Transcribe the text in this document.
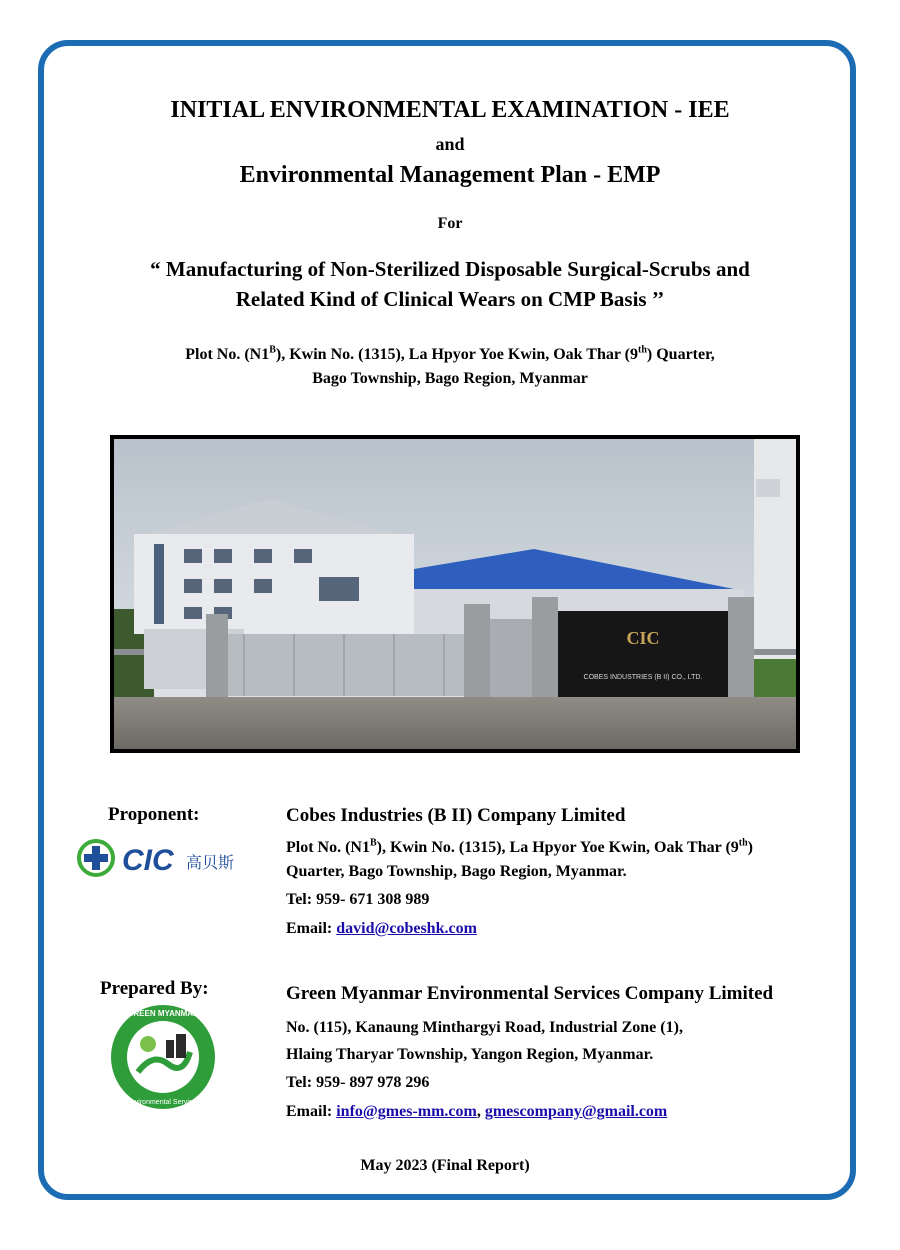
INITIAL ENVIRONMENTAL EXAMINATION - IEE
and
Environmental Management Plan - EMP
For
“ Manufacturing of Non-Sterilized Disposable Surgical-Scrubs and
Related Kind of Clinical Wears on CMP Basis ’’
Plot No. $(N1^B)$, Kwin No. (1315), La Hpyor Yoe Kwin, Oak Thar (9th) Quarter,
Bago Township, Bago Region, Myanmar
CIC
COBES INDUSTRIES (B II) CO., LTD.
Proponent:
CIC 高贝斯
Cobes Industries (B II) Company Limited
Plot No. $(N1^B)$, Kwin No. (1315), La Hpyor Yoe Kwin, Oak Thar (9th)
Quarter, Bago Township, Bago Region, Myanmar.
Tel: 959- 671 308 989
Email: david@cobeshk.com
Prepared By:
GREEN MYANMAR
Environmental Services
Green Myanmar Environmental Services Company Limited
No. (115), Kanaung Minthargyi Road, Industrial Zone (1),
Hlaing Tharyar Township, Yangon Region, Myanmar.
Tel: 959- 897 978 296
Email: info@gmes-mm.com, gmescompany@gmail.com
May 2023 (Final Report)
